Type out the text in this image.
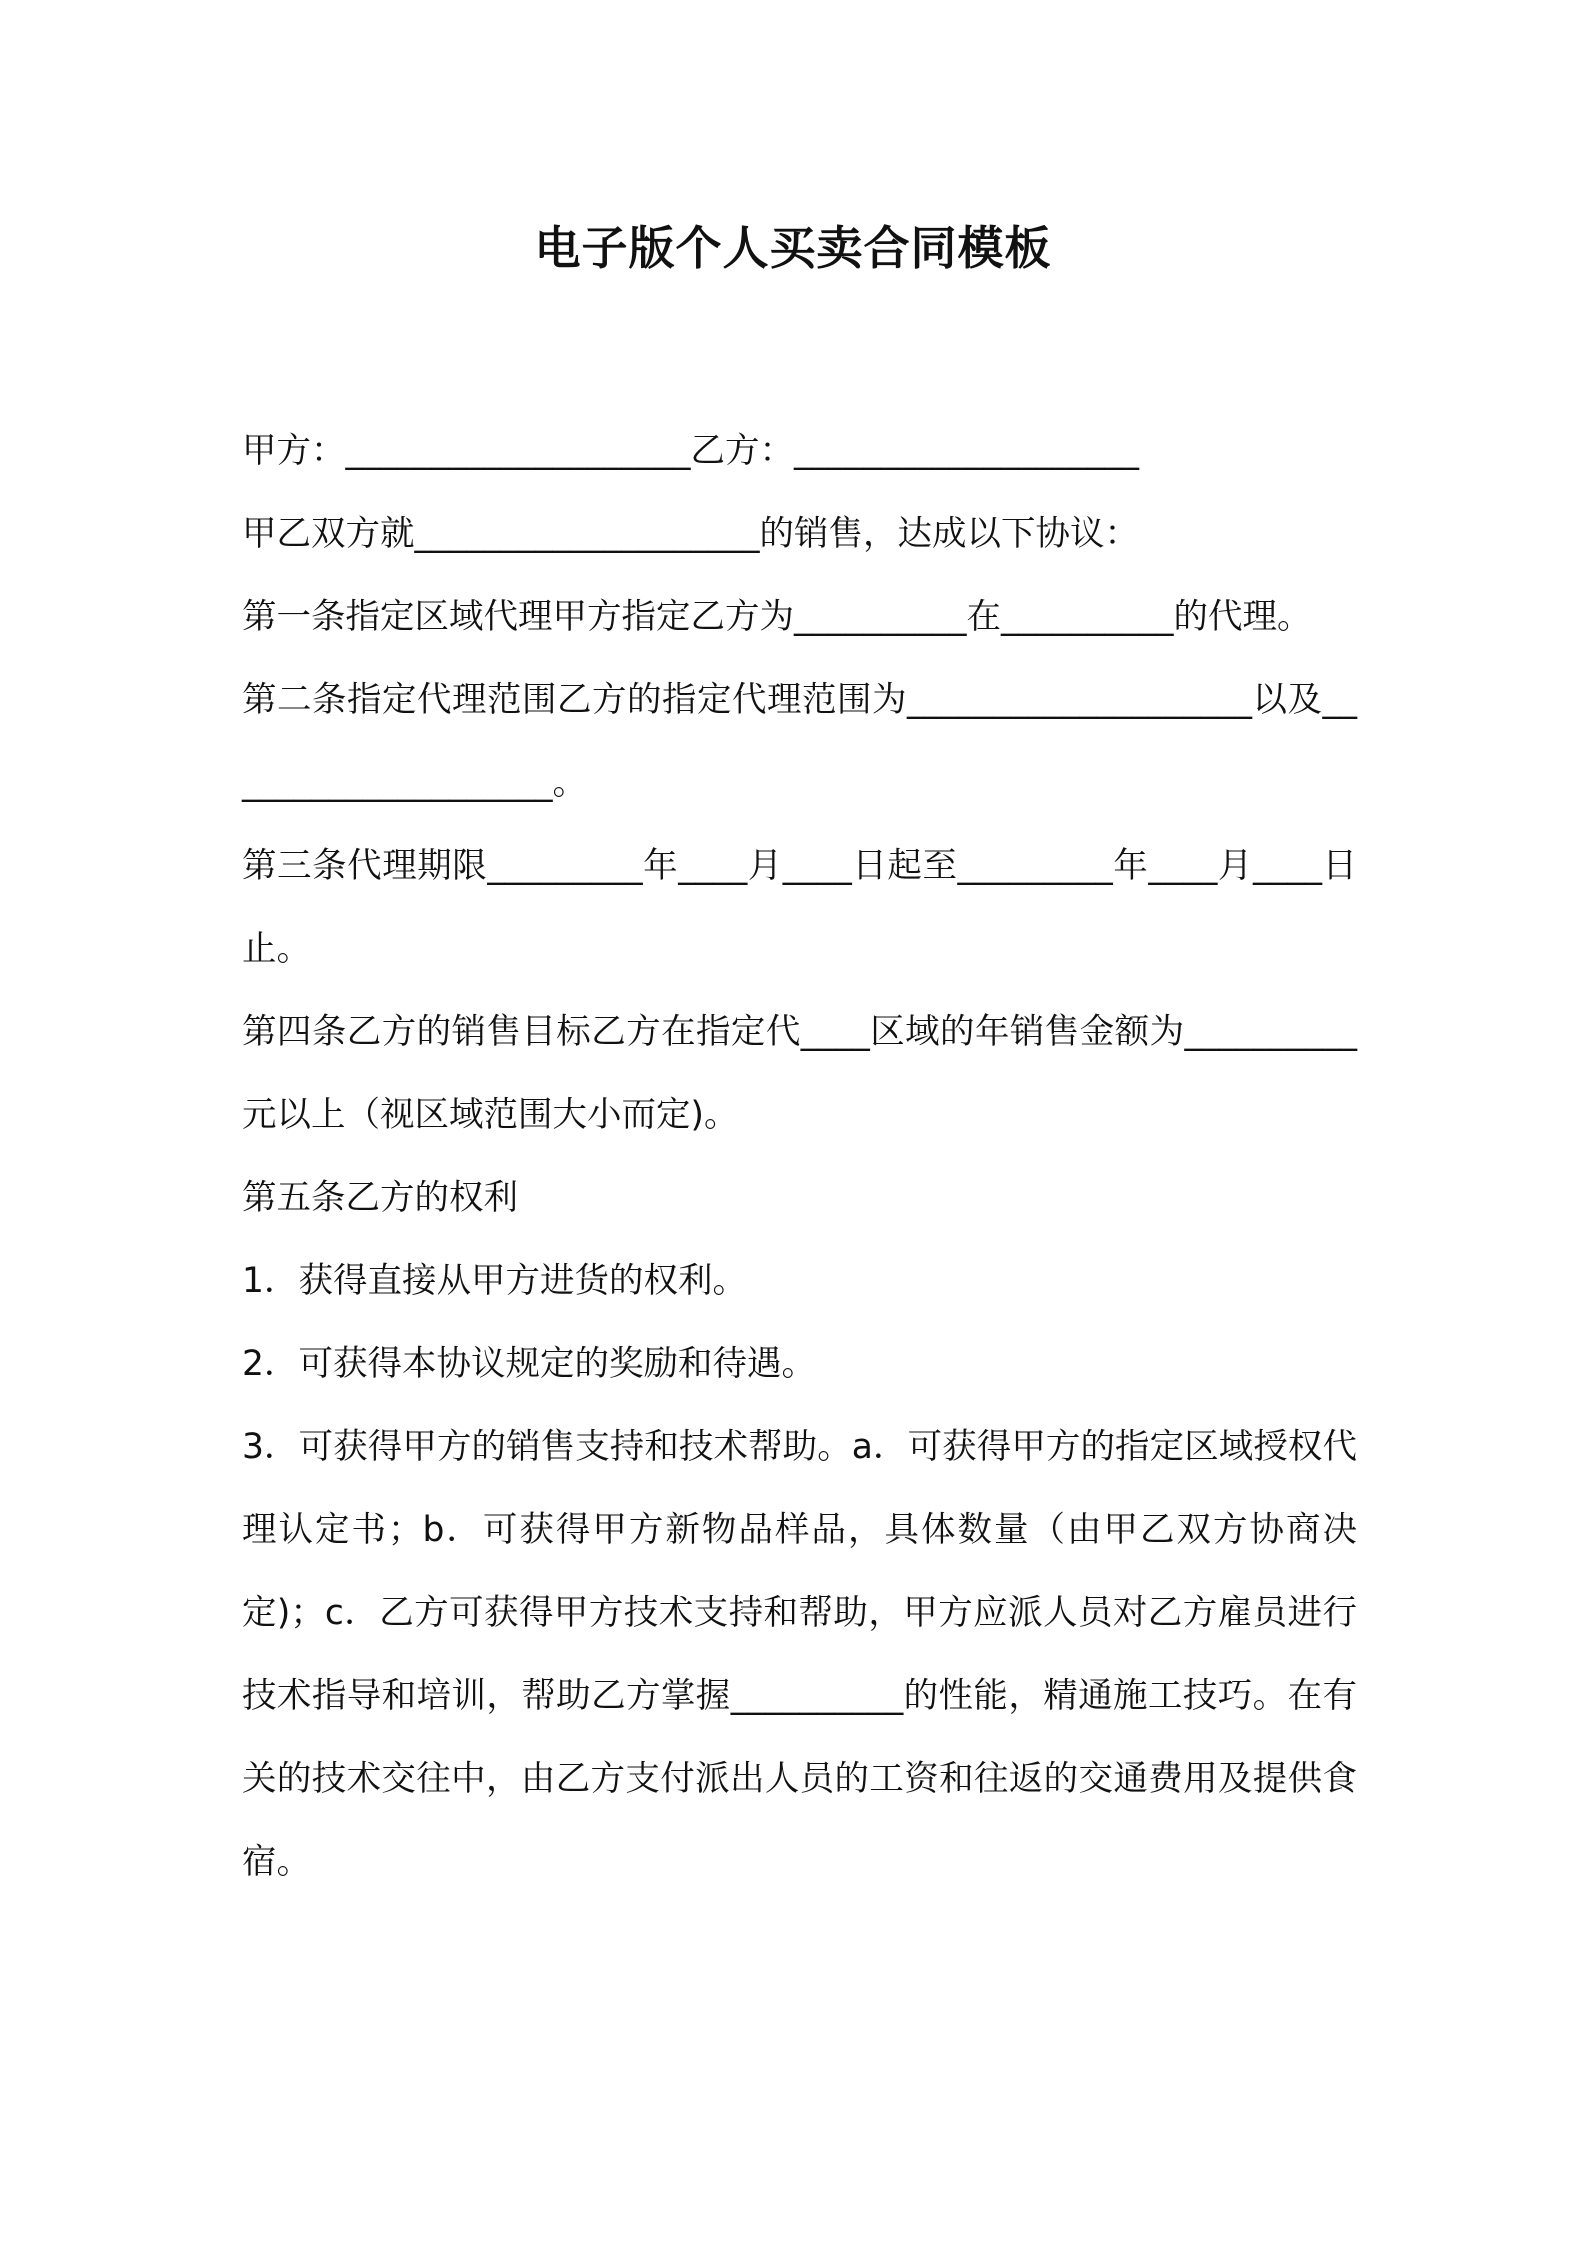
电子版个人买卖合同模板

甲方：____________________乙方：____________________

甲乙双方就____________________的销售，达成以下协议：

第一条指定区域代理甲方指定乙方为__________在__________的代理。

第二条指定代理范围乙方的指定代理范围为____________________以及____________________。

第三条代理期限_________年____月____日起至_________年____月____日止。

第四条乙方的销售目标乙方在指定代____区域的年销售金额为__________元以上（视区域范围大小而定)。

第五条乙方的权利

1．获得直接从甲方进货的权利。

2．可获得本协议规定的奖励和待遇。

3．可获得甲方的销售支持和技术帮助。a．可获得甲方的指定区域授权代理认定书；b．可获得甲方新物品样品，具体数量（由甲乙双方协商决定)；c．乙方可获得甲方技术支持和帮助，甲方应派人员对乙方雇员进行技术指导和培训，帮助乙方掌握__________的性能，精通施工技巧。在有关的技术交往中，由乙方支付派出人员的工资和往返的交通费用及提供食宿。
